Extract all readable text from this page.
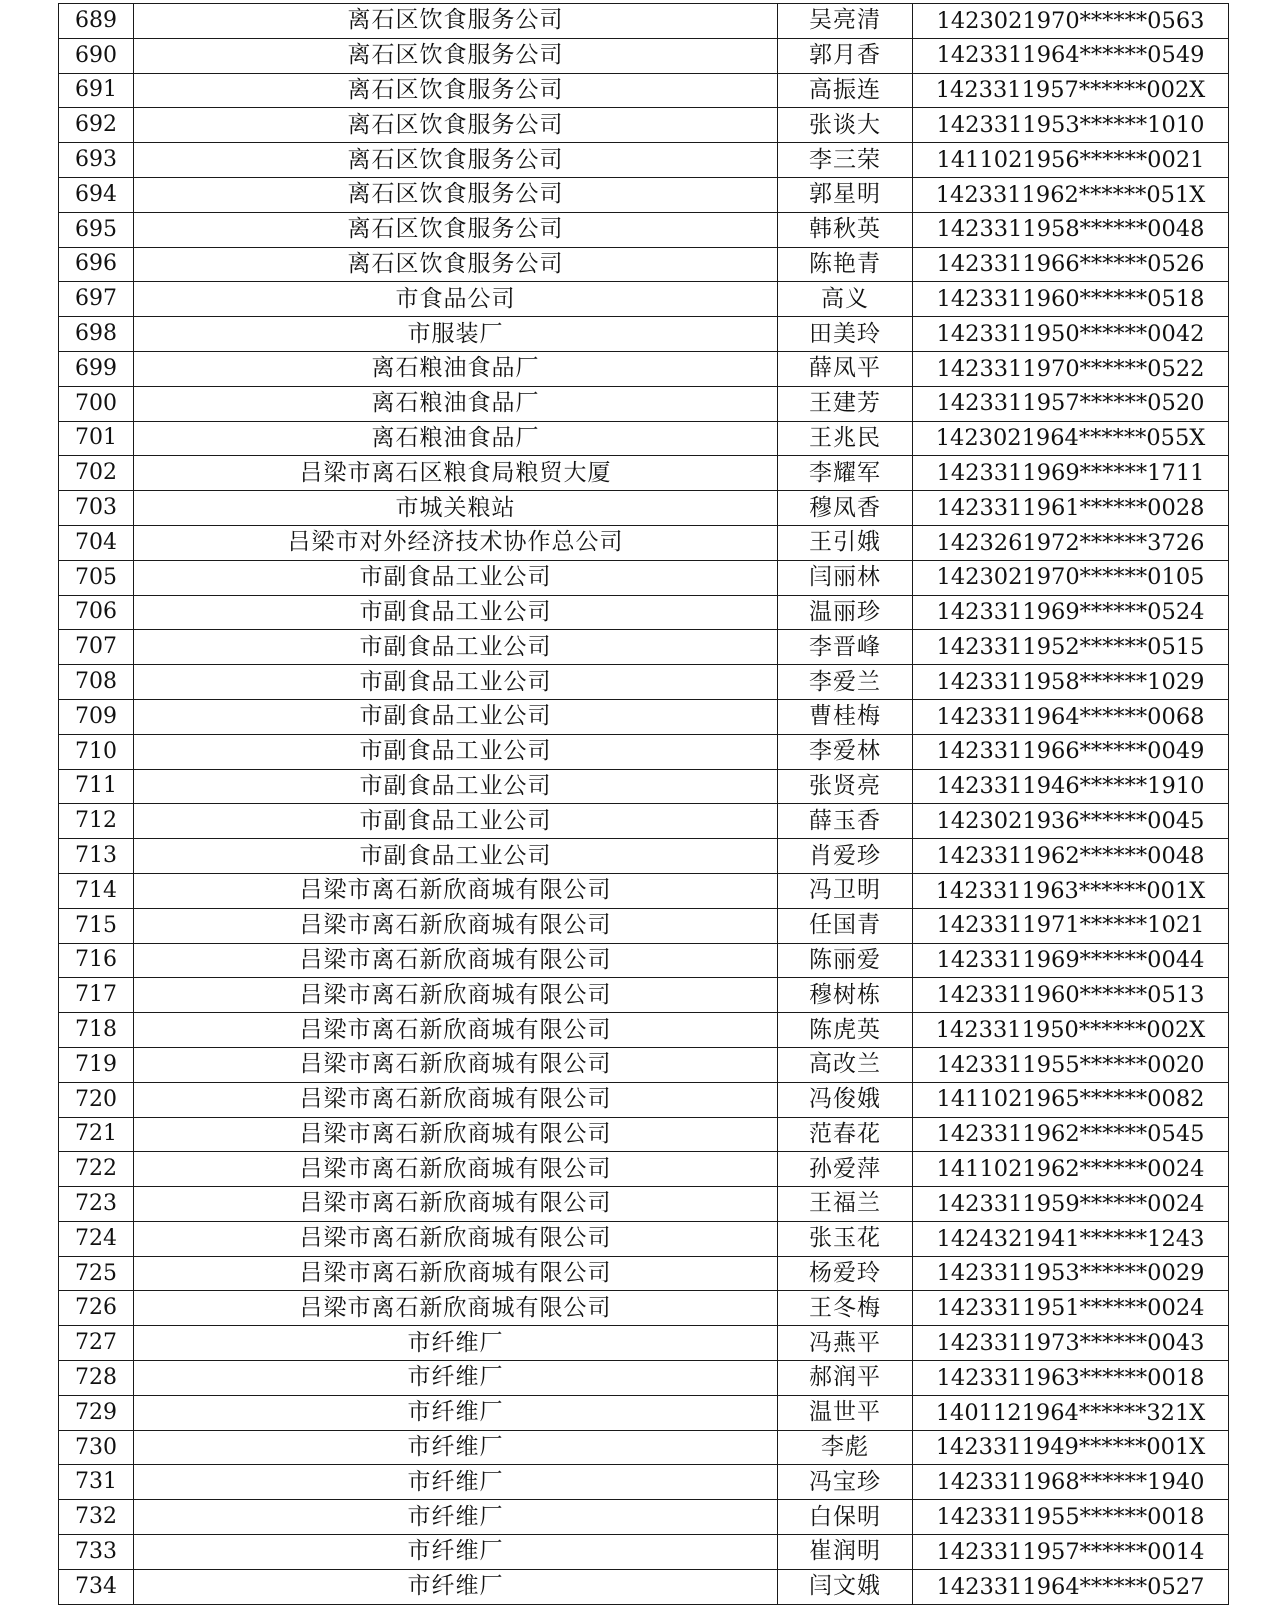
689	离石区饮食服务公司	吴亮清	1423021970******0563
690	离石区饮食服务公司	郭月香	1423311964******0549
691	离石区饮食服务公司	高振连	1423311957******002X
692	离石区饮食服务公司	张谈大	1423311953******1010
693	离石区饮食服务公司	李三荣	1411021956******0021
694	离石区饮食服务公司	郭星明	1423311962******051X
695	离石区饮食服务公司	韩秋英	1423311958******0048
696	离石区饮食服务公司	陈艳青	1423311966******0526
697	市食品公司	高义	1423311960******0518
698	市服装厂	田美玲	1423311950******0042
699	离石粮油食品厂	薛凤平	1423311970******0522
700	离石粮油食品厂	王建芳	1423311957******0520
701	离石粮油食品厂	王兆民	1423021964******055X
702	吕梁市离石区粮食局粮贸大厦	李耀军	1423311969******1711
703	市城关粮站	穆凤香	1423311961******0028
704	吕梁市对外经济技术协作总公司	王引娥	1423261972******3726
705	市副食品工业公司	闫丽林	1423021970******0105
706	市副食品工业公司	温丽珍	1423311969******0524
707	市副食品工业公司	李晋峰	1423311952******0515
708	市副食品工业公司	李爱兰	1423311958******1029
709	市副食品工业公司	曹桂梅	1423311964******0068
710	市副食品工业公司	李爱林	1423311966******0049
711	市副食品工业公司	张贤亮	1423311946******1910
712	市副食品工业公司	薛玉香	1423021936******0045
713	市副食品工业公司	肖爱珍	1423311962******0048
714	吕梁市离石新欣商城有限公司	冯卫明	1423311963******001X
715	吕梁市离石新欣商城有限公司	任国青	1423311971******1021
716	吕梁市离石新欣商城有限公司	陈丽爱	1423311969******0044
717	吕梁市离石新欣商城有限公司	穆树栋	1423311960******0513
718	吕梁市离石新欣商城有限公司	陈虎英	1423311950******002X
719	吕梁市离石新欣商城有限公司	高改兰	1423311955******0020
720	吕梁市离石新欣商城有限公司	冯俊娥	1411021965******0082
721	吕梁市离石新欣商城有限公司	范春花	1423311962******0545
722	吕梁市离石新欣商城有限公司	孙爱萍	1411021962******0024
723	吕梁市离石新欣商城有限公司	王福兰	1423311959******0024
724	吕梁市离石新欣商城有限公司	张玉花	1424321941******1243
725	吕梁市离石新欣商城有限公司	杨爱玲	1423311953******0029
726	吕梁市离石新欣商城有限公司	王冬梅	1423311951******0024
727	市纤维厂	冯燕平	1423311973******0043
728	市纤维厂	郝润平	1423311963******0018
729	市纤维厂	温世平	1401121964******321X
730	市纤维厂	李彪	1423311949******001X
731	市纤维厂	冯宝珍	1423311968******1940
732	市纤维厂	白保明	1423311955******0018
733	市纤维厂	崔润明	1423311957******0014
734	市纤维厂	闫文娥	1423311964******0527
